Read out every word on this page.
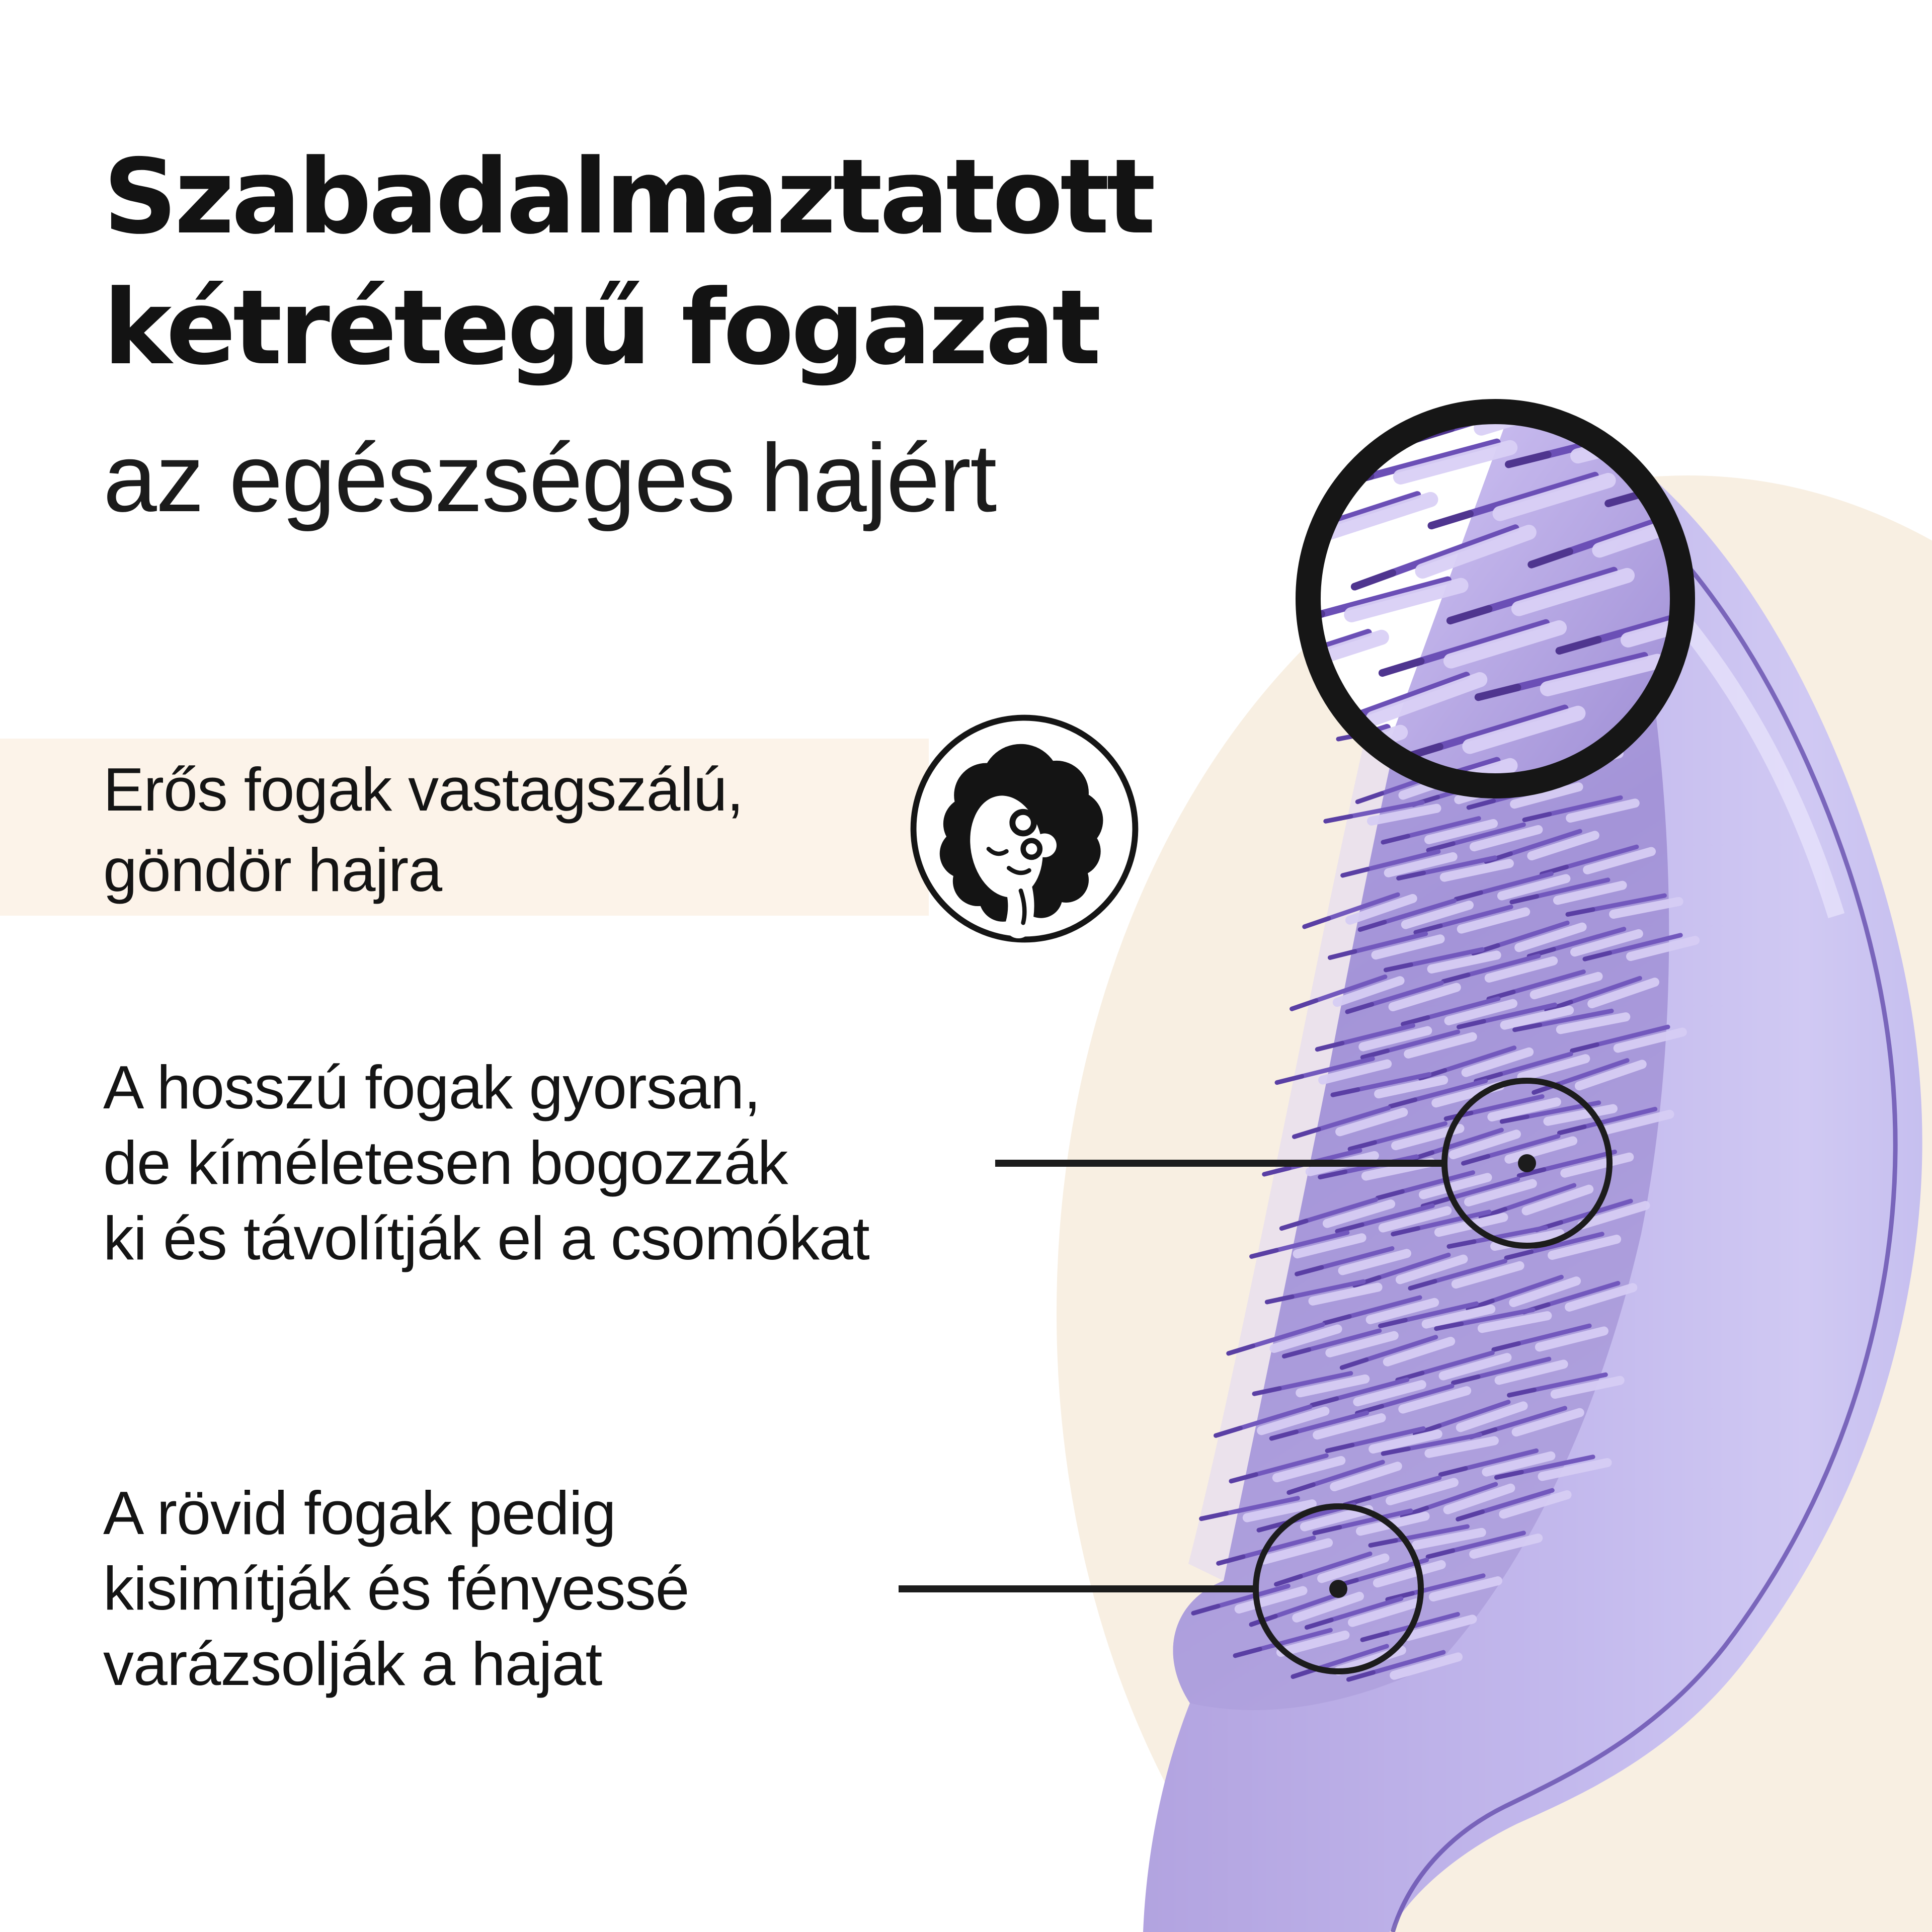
Szabadalmaztatott
kétrétegű fogazat
az egészséges hajért
Erős fogak vastagszálú,
göndör hajra
A hosszú fogak gyorsan,
de kíméletesen bogozzák
ki és távolítják el a csomókat
A rövid fogak pedig
kisimítják és fényessé
varázsolják a hajat
